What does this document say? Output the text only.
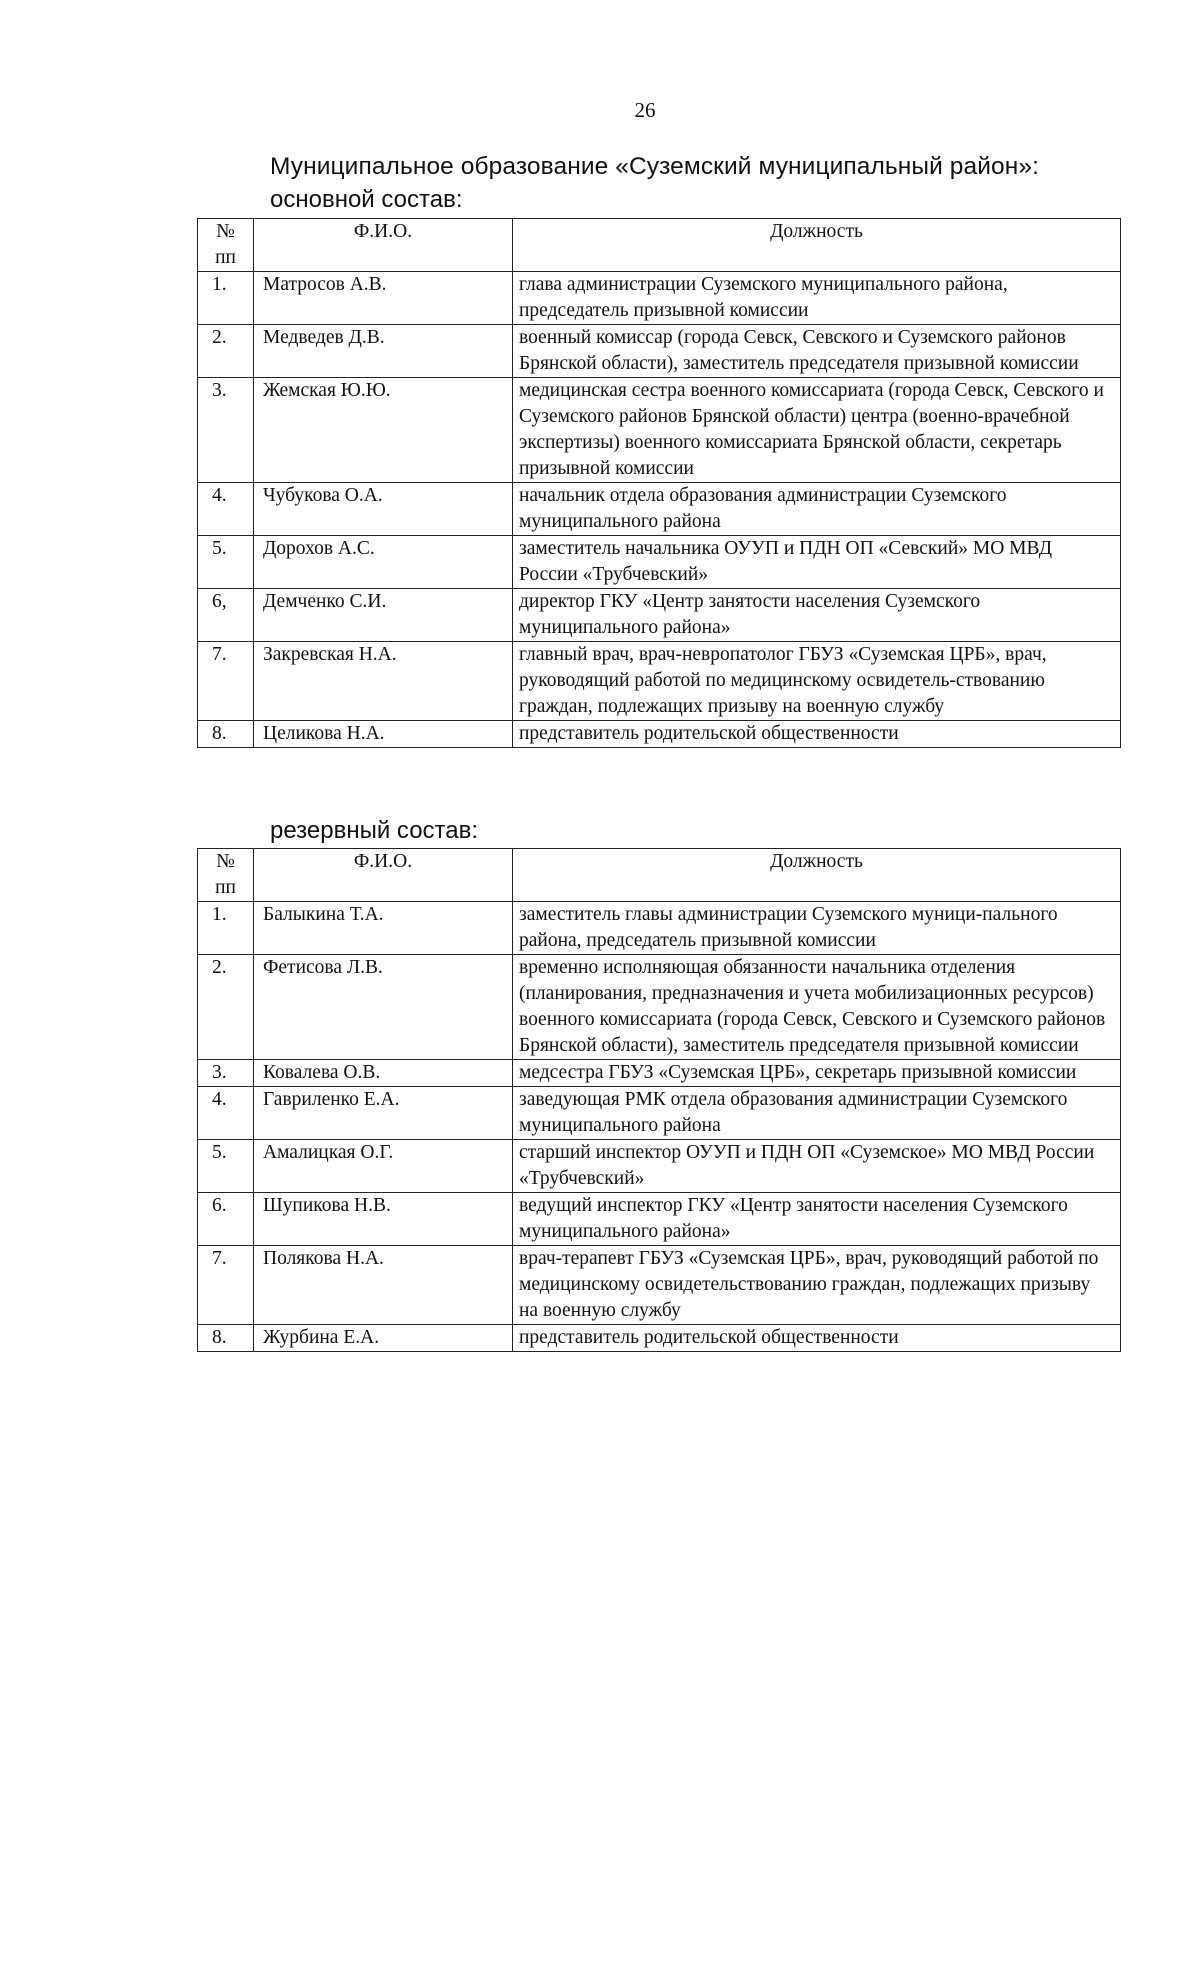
26
Муниципальное образование «Суземский муниципальный район»:
основной состав:
№
пп	Ф.И.О.	Должность
1.	Матросов А.В.	глава администрации Суземского муниципального района, председатель призывной комиссии
2.	Медведев Д.В.	военный комиссар (города Севск, Севского и Суземского районов Брянской области), заместитель председателя призывной комиссии
3.	Жемская Ю.Ю.	медицинская сестра военного комиссариата (города Севск, Севского и Суземского районов Брянской области) центра (военно-врачебной экспертизы) военного комиссариата Брянской области, секретарь призывной комиссии
4.	Чубукова О.А.	начальник отдела образования администрации Суземского муниципального района
5.	Дорохов А.С.	заместитель начальника ОУУП и ПДН ОП «Севский» МО МВД России «Трубчевский»
6,	Демченко С.И.	директор ГКУ «Центр занятости населения Суземского муниципального района»
7.	Закревская Н.А.	главный врач, врач-невропатолог ГБУЗ «Суземская ЦРБ», врач, руководящий работой по медицинскому освидетель-ствованию граждан, подлежащих призыву на военную службу
8.	Целикова Н.А.	представитель родительской общественности
резервный состав:
№
пп	Ф.И.О.	Должность
1.	Балыкина Т.А.	заместитель главы администрации Суземского муници-пального района, председатель призывной комиссии
2.	Фетисова Л.В.	временно исполняющая обязанности начальника отделения (планирования, предназначения и учета мобилизационных ресурсов) военного комиссариата (города Севск, Севского и Суземского районов Брянской области), заместитель председателя призывной комиссии
3.	Ковалева О.В.	медсестра ГБУЗ «Суземская ЦРБ», секретарь призывной комиссии
4.	Гавриленко Е.А.	заведующая РМК отдела образования администрации Суземского муниципального района
5.	Амалицкая О.Г.	старший инспектор ОУУП и ПДН ОП «Суземское» МО МВД России «Трубчевский»
6.	Шупикова Н.В.	ведущий инспектор ГКУ «Центр занятости населения Суземского муниципального района»
7.	Полякова Н.А.	врач-терапевт ГБУЗ «Суземская ЦРБ», врач, руководящий работой по медицинскому освидетельствованию граждан, подлежащих призыву на военную службу
8.	Журбина Е.А.	представитель родительской общественности
